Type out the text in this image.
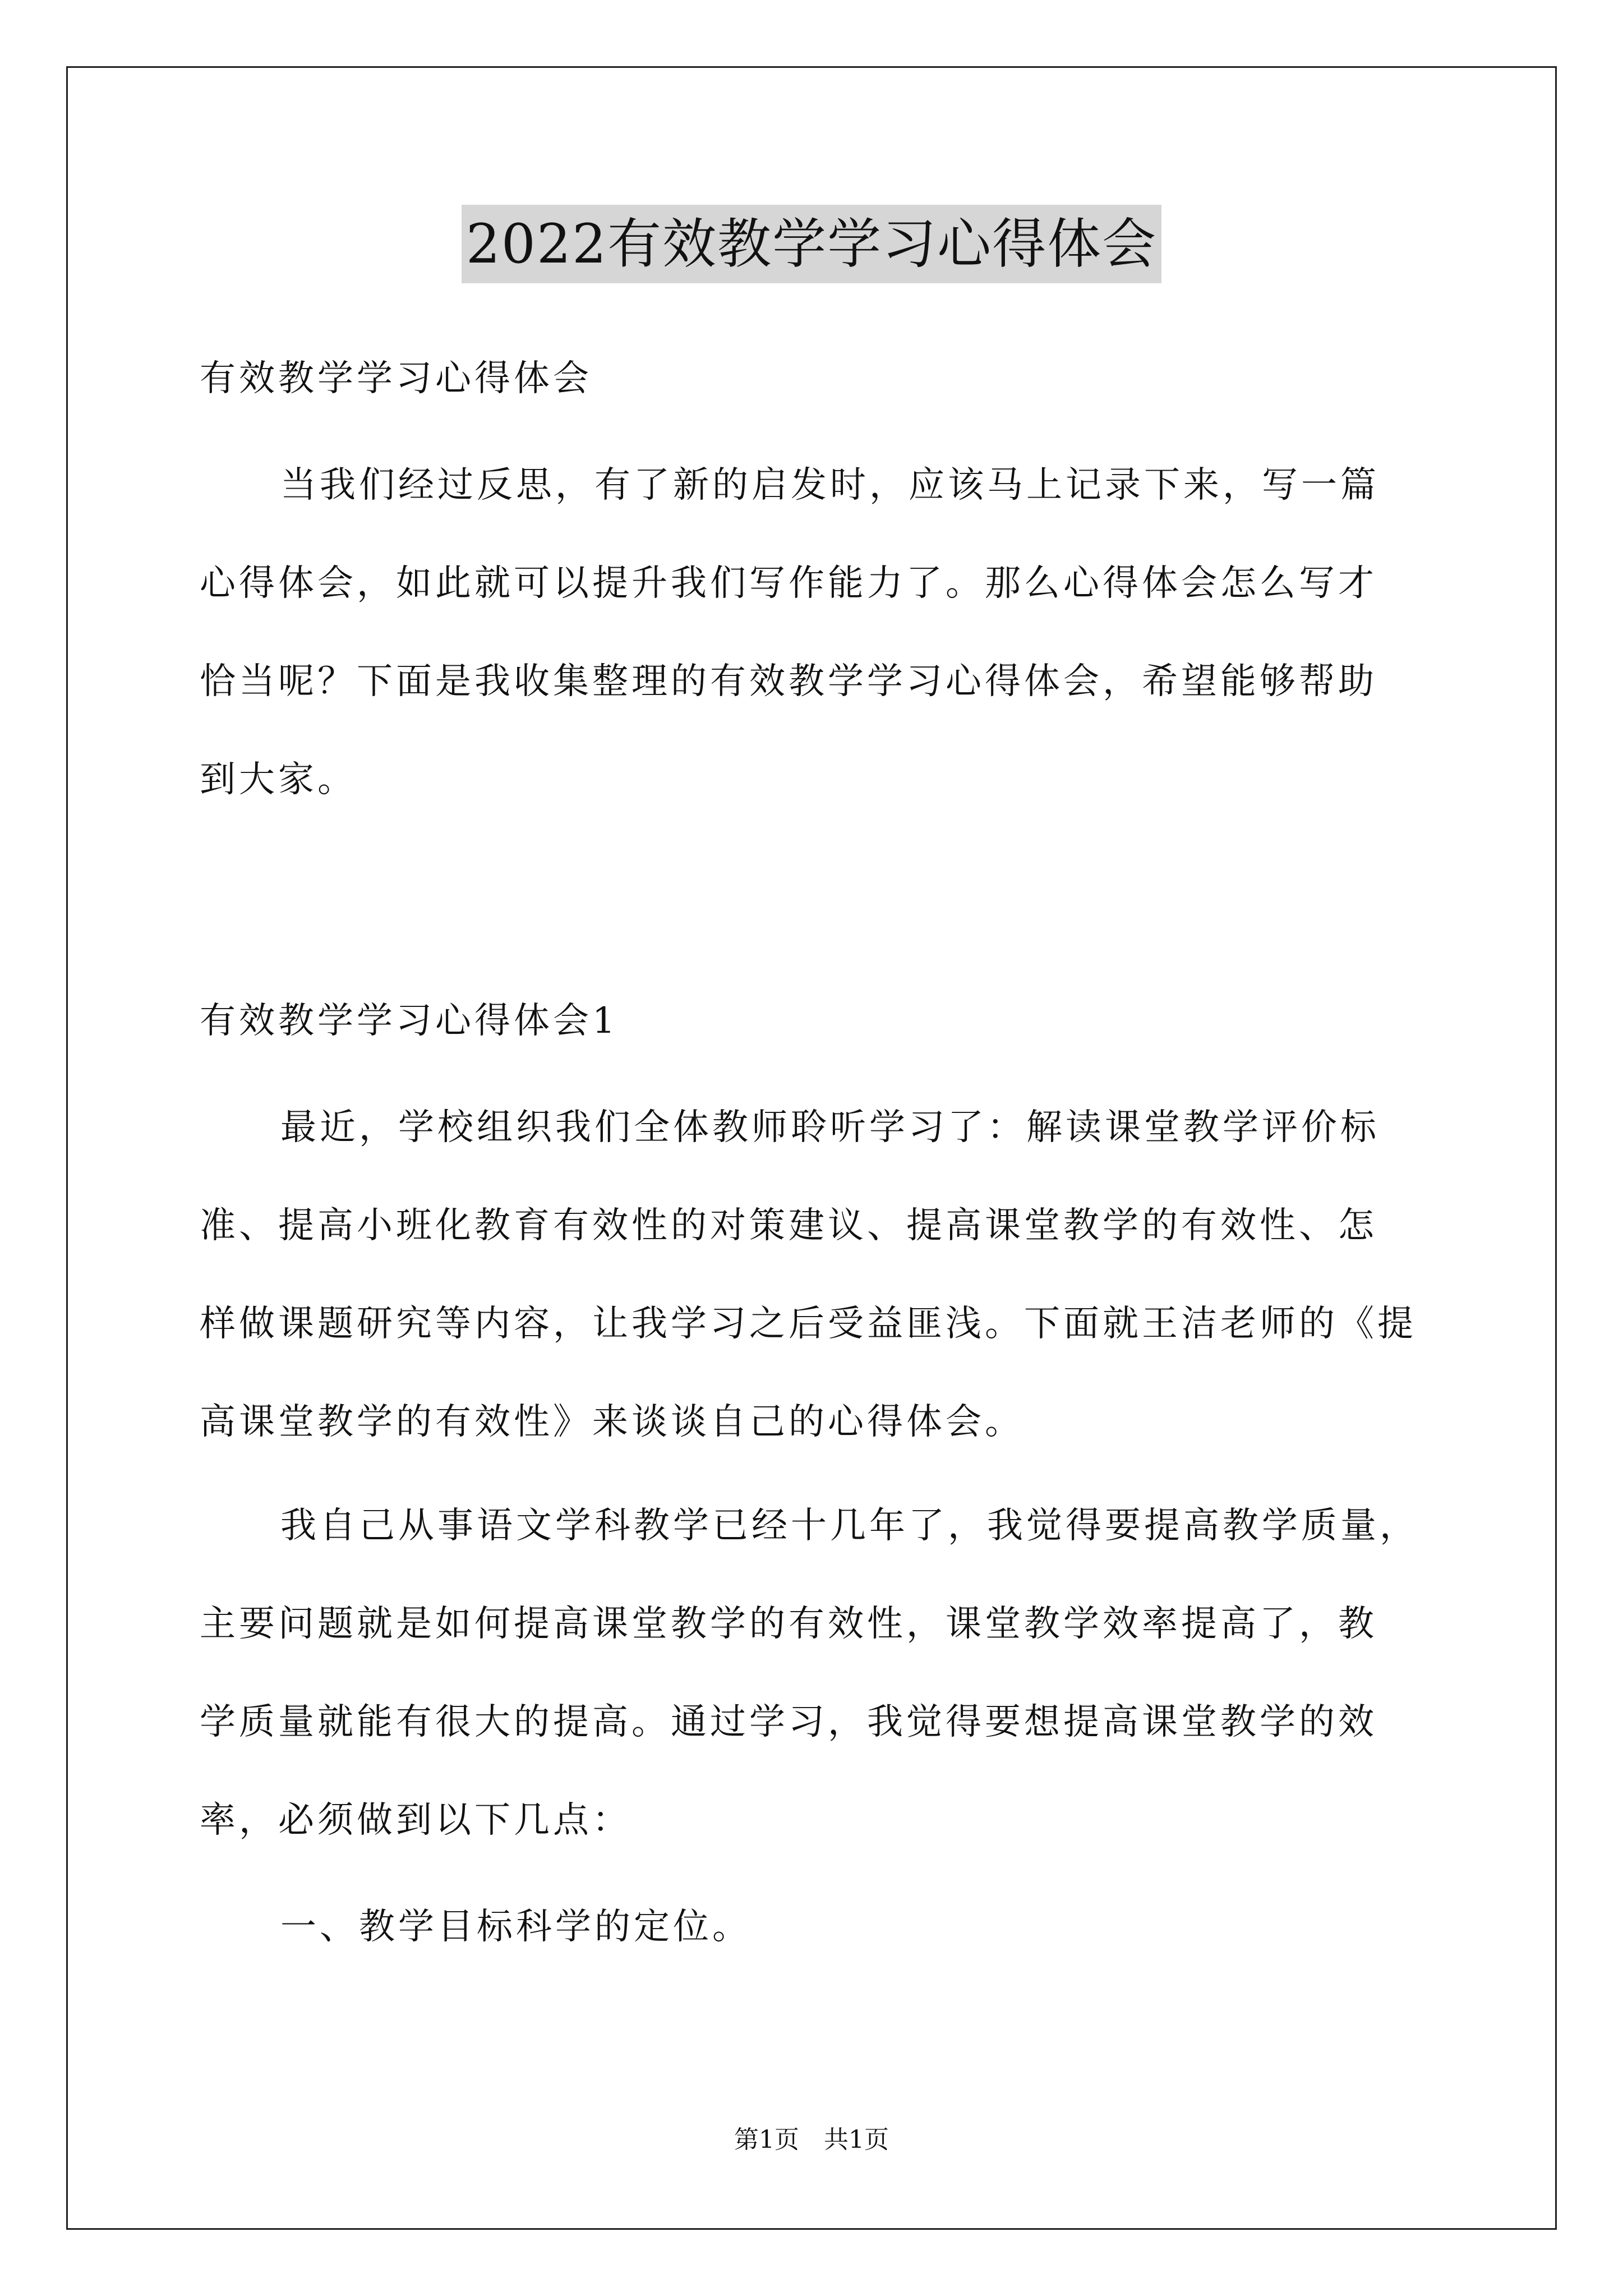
2022有效教学学习心得体会
有效教学学习心得体会
当我们经过反思，有了新的启发时，应该马上记录下来，写一篇
心得体会，如此就可以提升我们写作能力了。那么心得体会怎么写才
恰当呢？下面是我收集整理的有效教学学习心得体会，希望能够帮助
到大家。
有效教学学习心得体会1
最近，学校组织我们全体教师聆听学习了：解读课堂教学评价标
准、提高小班化教育有效性的对策建议、提高课堂教学的有效性、怎
样做课题研究等内容，让我学习之后受益匪浅。下面就王洁老师的《提
高课堂教学的有效性》来谈谈自己的心得体会。
我自己从事语文学科教学已经十几年了，我觉得要提高教学质量，
主要问题就是如何提高课堂教学的有效性，课堂教学效率提高了，教
学质量就能有很大的提高。通过学习，我觉得要想提高课堂教学的效
率，必须做到以下几点：
一、教学目标科学的定位。
第1页　共1页
